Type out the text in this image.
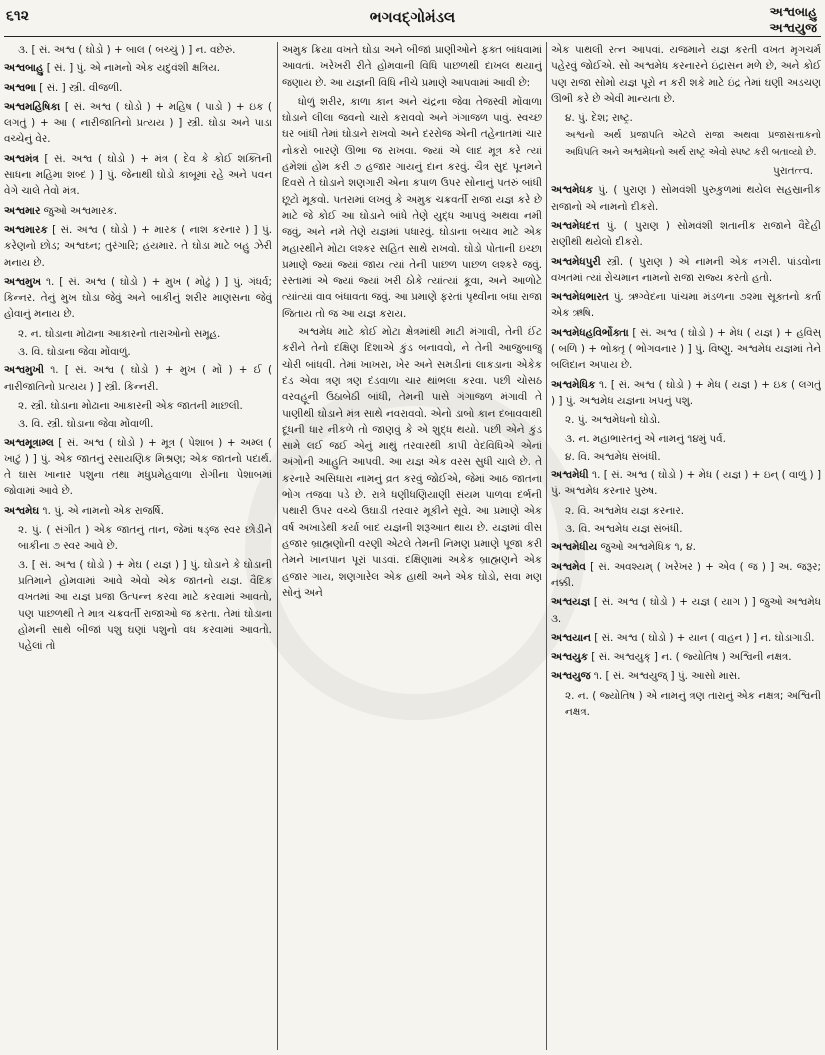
૬૧૨	ભગવદ્ગોમંડલ	અશ્વબાહુ
અશ્વયુજ

૩. [ સં. અશ્વ ( ઘોડો ) + બાલ ( બચ્ચું ) ] ન. વછેરું.

અશ્વબાહુ [ સં. ] પું. એ નામનો એક યદુવંશી ક્ષત્રિય.

અશ્વભા [ સં. ] સ્ત્રી. વીજળી.

અશ્વમહિષિકા [ સં. અશ્વ ( ઘોડો ) + મહિષ ( પાડો ) + ઇક ( લગતું ) + આ ( નારીજાતિનો પ્રત્યય ) ] સ્ત્રી. ઘોડા અને પાડા વચ્ચેનું વેર.

અશ્વમંત્ર [ સં. અશ્વ ( ઘોડો ) + મંત્ર ( દેવ કે કોઈ શક્તિની સાધના મહિમા શબ્દ ) ] પું. જેનાથી ઘોડો કાબૂમાં રહે અને પવન વેગે ચાલે તેવો મંત્ર.

અશ્વમાર જુઓ અશ્વમારક.

અશ્વમારક [ સં. અશ્વ ( ઘોડો ) + મારક ( નાશ કરનાર ) ] પું. કરેણનો છોડ; અશ્વઘ્ન; તુરંગારિ; હયમાર. તે ઘોડા માટે બહુ ઝેરી મનાય છે.

અશ્વમુખ ૧. [ સં. અશ્વ ( ઘોડો ) + મુખ ( મોઢું ) ] પું. ગંધર્વ; કિન્નર. તેનું મુખ ઘોડા જેવું અને બાકીનું શરીર માણસના જેવું હોવાનું મનાય છે.

૨. ન. ઘોડાના મોઢાના આકારનો તારાઓનો સમૂહ.

૩. વિ. ઘોડાના જેવા મોંવાળું.

અશ્વમુખી ૧. [ સં. અશ્વ ( ઘોડો ) + મુખ ( મોં ) + ઈ ( નારીજાતિનો પ્રત્યય ) ] સ્ત્રી. કિન્નરી.

૨. સ્ત્રી. ઘોડાના મોઢાના આકારની એક જાતની માછલી.

૩. વિ. સ્ત્રી. ઘોડાના જેવા મોંવાળી.

અશ્વમૂત્રામ્લ [ સં. અશ્વ ( ઘોડો ) + મૂત્ર ( પેશાબ ) + અમ્લ ( ખાટું ) ] પું. એક જાતનું રસાયણિક મિશ્રણ; એક જાતનો પદાર્થ. તે ઘાસ ખાનાર પશુના તથા મધુપ્રમેહવાળા રોગીના પેશાબમાં જોવામાં આવે છે.

અશ્વમેઘ ૧. પું. એ નામનો એક રાજર્ષિ.

૨. પું. ( સંગીત ) એક જાતનું તાન, જેમાં ષડ્જ સ્વર છોડીને બાકીના ૭ સ્વર આવે છે.

૩. [ સં. અશ્વ ( ઘોડો ) + મેઘ ( યજ્ઞ ) ] પું. ઘોડાને કે ઘોડાની પ્રતિમાને હોમવામાં આવે એવો એક જાતનો યજ્ઞ. વૈદિક વખતમાં આ યજ્ઞ પ્રજા ઉત્પન્ન કરવા માટે કરવામાં આવતો, પણ પાછળથી તે માત્ર ચક્રવર્તી રાજાઓ જ કરતા. તેમાં ઘોડાના હોમની સાથે બીજાં પશુ ઘણાં પશુનો વધ કરવામાં આવતો. પહેલાં તો

અમુક ક્રિયા વખતે ઘોડા અને બીજાં પ્રાણીઓને ફક્ત બાંધવામાં આવતાં. ખરેખરી રીતે હોમવાની વિધિ પાછળથી દાખલ થયાનું જણાય છે. આ યજ્ઞની વિધિ નીચે પ્રમાણે આપવામાં આવી છે:

ધોળું શરીર, કાળા કાન અને ચંદ્રના જેવા તેજસ્વી મોંવાળા ઘોડાને લીલા જવનો ચારો કરાવવો અને ગંગાજળ પાવું. સ્વચ્છ ઘર બાંધી તેમાં ઘોડાને રાખવો અને દરરોજ એની તહેનાતમાં ચાર નોકરો બારણે ઊભા જ રાખવા. જ્યાં એ લાદ મૂત્ર કરે ત્યાં હમેશાં હોમ કરી ૭ હજાર ગાયનું દાન કરવું. ચૈત્ર સુદ પૂનમને દિવસે તે ઘોડાને શણગારી એના કપાળ ઉપર સોનાનું પતરું બાંધી છૂટો મૂકવો. પતરામાં લખવું કે અમુક ચક્રવર્તી રાજા યજ્ઞ કરે છે માટે જે કોઈ આ ઘોડાને બાંધે તેણે યુદ્ધ આપવું અથવા નમી જવું, અને નમે તેણે યજ્ઞમાં પધારવું. ઘોડાના બચાવ માટે એક મહારથીને મોટા લશ્કર સહિત સાથે રાખવો. ઘોડો પોતાની ઇચ્છા પ્રમાણે જ્યાં જ્યાં જાય ત્યાં તેની પાછળ પાછળ લશ્કરે જવું. રસ્તામાં એ જ્યાં જ્યાં ખરી ઠોકે ત્યાંત્યાં કૂવા, અને આળોટે ત્યાંત્યાં વાવ બંધાવતા જવું. આ પ્રમાણે ફરતાં પૃથ્વીના બધા રાજા જિતાય તો જ આ યજ્ઞ કરાય.

અશ્વમેધ માટે કોઈ મોટા ક્ષેત્રમાંથી માટી મંગાવી, તેની ઈંટ કરીને તેનો દક્ષિણ દિશાએ કુંડ બનાવવો, ને તેની આજુબાજુ ચોરી બાંધવી. તેમાં ખાખરા, ખેર અને સમડીનાં લાકડાના એકેક દંડ એવા ત્રણ ત્રણ દંડવાળા ચાર થાંભલા કરવા. પછી ચોસઠ વરવહૂની ઉઠાબેઠી બાંધી, તેમની પાસે ગંગાજળ મંગાવી તે પાણીથી ઘોડાને મંત્ર સાથે નવરાવવો. એનો ડાબો કાન દબાવવાથી દૂધની ધાર નીકળે તો જાણવું કે એ શુદ્ધ થયો. પછી એને કુંડ સામે લઈ જઈ એનું માથું તરવારથી કાપી વેદવિધિએ એનાં અંગોની આહુતિ આપવી. આ યજ્ઞ એક વરસ સુધી ચાલે છે. તે કરનારે અસિધારા નામનું વ્રત કરવું જોઈએ, જેમાં આઠ જાતના ભોગ તજવા પડે છે. રાત્રે ધણીધણિયાણી સંયમ પાળવા દર્ભની પથારી ઉપર વચ્ચે ઉઘાડી તરવાર મૂકીને સૂવે. આ પ્રમાણે એક વર્ષ અખાડેથી કર્યા બાદ યજ્ઞની શરૂઆત થાય છે. યજ્ઞમાં વીસ હજાર બ્રાહ્મણોની વરણી એટલે તેમની નિમણ પ્રમાણે પૂજા કરી તેમને ખાનપાન પૂરાં પાડવાં. દક્ષિણામાં અકેક બ્રાહ્મણને એક હજાર ગાય, શણગારેલ એક હાથી અને એક ઘોડો, સવા મણ સોનું અને

એક પાથલી રત્ન આપવાં. યજમાને યજ્ઞ કરતી વખત મૃગચર્મ પહેરવું જોઈએ. સો અશ્વમેધ કરનારને ઇંદ્રાસન મળે છે, અને કોઈ પણ રાજા સોમો યજ્ઞ પૂરો ન કરી શકે માટે ઇંદ્ર તેમાં ઘણી અડચણ ઊભી કરે છે એવી માન્યતા છે.

૪. પું. દેશ; રાષ્ટ્ર.

અશ્વનો અર્થ પ્રજાપતિ એટલે રાજા અથવા પ્રજાસત્તાકનો અધિપતિ અને અશ્વમેધનો અર્થ રાષ્ટ્ર એવો સ્પષ્ટ કરી બતાવ્યો છે.

પુરાતત્ત્વ.

અશ્વમેધક પું. ( પુરાણ ) સોમવંશી પુરુકુળમાં થયેલ સહસ્રાનીક રાજાનો એ નામનો દીકરો.

અશ્વમેધદત્ત પું. ( પુરાણ ) સોમવંશી શતાનીક રાજાને વૈદેહી રાણીથી થયેલો દીકરો.

અશ્વમેધપુરી સ્ત્રી. ( પુરાણ ) એ નામની એક નગરી. પાંડવોના વખતમાં ત્યાં રોચમાન નામનો રાજા રાજ્ય કરતો હતો.

અશ્વમેધભારત પું. ઋગ્વેદના પાંચમા મંડળના ૭૨મા સૂક્તનો કર્તા એક ઋષિ.

અશ્વમેધહવિર્ભોક્તા [ સં. અશ્વ ( ઘોડો ) + મેધ ( યજ્ઞ ) + હવિસ્ ( બળિ ) + ભોક્તૃ ( ભોગવનાર ) ] પું. વિષ્ણુ. અશ્વમેધ યજ્ઞમાં તેને બલિદાન અપાય છે.

અશ્વમેધિક ૧. [ સં. અશ્વ ( ઘોડો ) + મેધ ( યજ્ઞ ) + ઇક ( લગતું ) ] પું. અશ્વમેધ યજ્ઞના ખપનું પશુ.

૨. પું. અશ્વમેધનો ઘોડો.

૩. ન. મહાભારતનું એ નામનું ૧૪મું પર્વ.

૪. વિ. અશ્વમેધ સંબંધી.

અશ્વમેધી ૧. [ સં. અશ્વ ( ઘોડો ) + મેધ ( યજ્ઞ ) + ઇન્ ( વાળું ) ] પું. અશ્વમેધ કરનાર પુરુષ.

૨. વિ. અશ્વમેધ યજ્ઞ કરનાર.

૩. વિ. અશ્વમેધ યજ્ઞ સંબંધી.

અશ્વમેધીય જુઓ અશ્વમેધિક ૧, ૪.

અશ્વમેવ [ સં. અવશ્યમ્ ( ખરેખર ) + એવ ( જ ) ] અ. જરૂર; નક્કી.

અશ્વયજ્ઞ [ સં. અશ્વ ( ઘોડો ) + યજ્ઞ ( યાગ ) ] જુઓ અશ્વમેધ ૩.

અશ્વયાન [ સં. અશ્વ ( ઘોડો ) + યાન ( વાહન ) ] ન. ઘોડાગાડી.

અશ્વયુક [ સં. અશ્વયુક્ ] ન. ( જ્યોતિષ ) અશ્વિની નક્ષત્ર.

અશ્વયુજ ૧. [ સં. અશ્વયુજ્ ] પું. આસો માસ.

૨. ન. ( જ્યોતિષ ) એ નામનું ત્રણ તારાનું એક નક્ષત્ર; અશ્વિની નક્ષત્ર.
